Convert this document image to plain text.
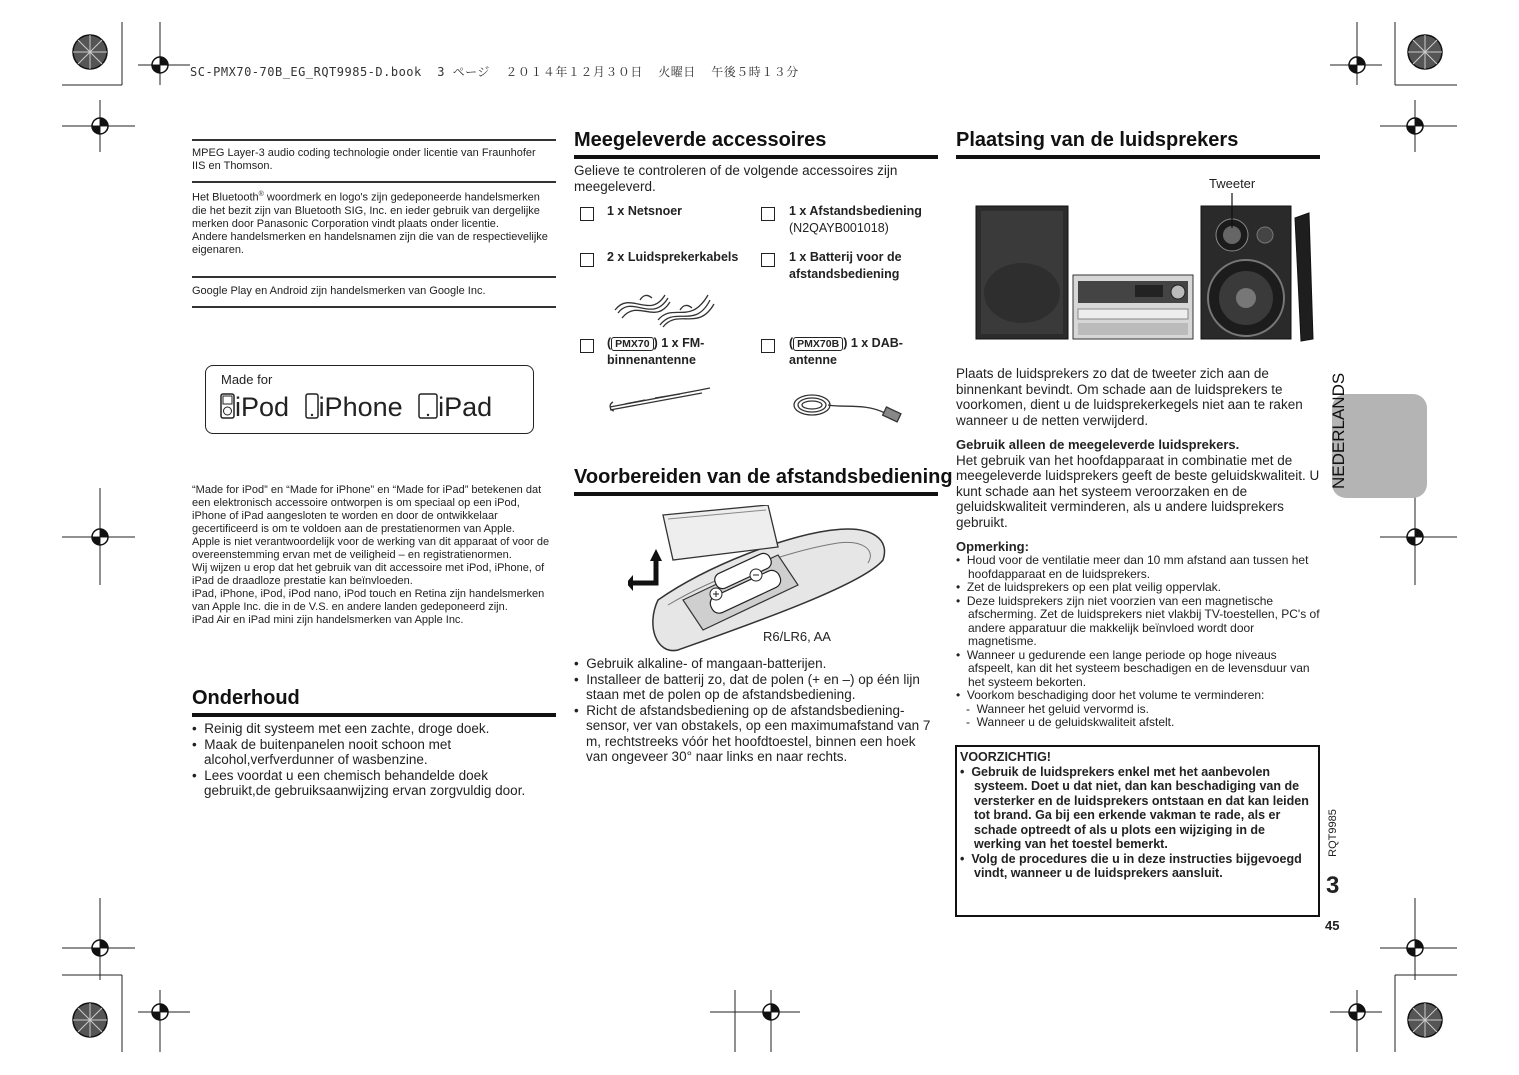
SC-PMX70-70B_EG_RQT9985-D.book  3 ページ  ２０１４年１２月３０日  火曜日  午後５時１３分
MPEG Layer-3 audio coding technologie onder licentie van Fraunhofer IIS en Thomson.
Het Bluetooth® woordmerk en logo's zijn gedeponeerde handelsmerken die het bezit zijn van Bluetooth SIG, Inc. en ieder gebruik van dergelijke merken door Panasonic Corporation vindt plaats onder licentie.
Andere handelsmerken en handelsnamen zijn die van de respectievelijke eigenaren.
Google Play en Android zijn handelsmerken van Google Inc.
Made for
iPod iPhone iPad
“Made for iPod” en “Made for iPhone” en “Made for iPad” betekenen dat een elektronisch accessoire ontworpen is om speciaal op een iPod, iPhone of iPad aangesloten te worden en door de ontwikkelaar gecertificeerd is om te voldoen aan de prestatienormen van Apple.
Apple is niet verantwoordelijk voor de werking van dit apparaat of voor de overeenstemming ervan met de veiligheid – en registratienormen.
Wij wijzen u erop dat het gebruik van dit accessoire met iPod, iPhone, of iPad de draadloze prestatie kan beïnvloeden.
iPad, iPhone, iPod, iPod nano, iPod touch en Retina zijn handelsmerken van Apple Inc. die in de V.S. en andere landen gedeponeerd zijn.
iPad Air en iPad mini zijn handelsmerken van Apple Inc.
Onderhoud

•  Reinig dit systeem met een zachte, droge doek.

•  Maak de buitenpanelen nooit schoon met alcohol,verfverdunner of wasbenzine.

•  Lees voordat u een chemisch behandelde doek gebruikt,de gebruiksaanwijzing ervan zorgvuldig door.

Meegeleverde accessoires
Gelieve te controleren of de volgende accessoires zijn meegeleverd.
1 x Netsnoer	1 x Afstandsbediening
(N2QAYB001018)
2 x Luidsprekerkabels	1 x Batterij voor de
afstandsbediening
( PMX70 ) 1 x FM-
binnenantenne
( PMX70B ) 1 x DAB-
antenne
Voorbereiden van de afstandsbediening
R6/LR6, AA

•  Gebruik alkaline- of mangaan-batterijen.

•  Installeer de batterij zo, dat de polen (+ en –) op één lijn staan met de polen op de afstandsbediening.

•  Richt de afstandsbediening op de afstandsbediening-sensor, ver van obstakels, op een maximumafstand van 7 m, rechtstreeks vóór het hoofdtoestel, binnen een hoek van ongeveer 30° naar links en naar rechts.

Plaatsing van de luidsprekers
Tweeter
Plaats de luidsprekers zo dat de tweeter zich aan de binnenkant bevindt. Om schade aan de luidsprekers te voorkomen, dient u de luidsprekerkegels niet aan te raken wanneer u de netten verwijderd.
Gebruik alleen de meegeleverde luidsprekers.
Het gebruik van het hoofdapparaat in combinatie met de meegeleverde luidsprekers geeft de beste geluidskwaliteit. U kunt schade aan het systeem veroorzaken en de geluidskwaliteit verminderen, als u andere luidsprekers gebruikt.
Opmerking:

•  Houd voor de ventilatie meer dan 10 mm afstand aan tussen het hoofdapparaat en de luidsprekers.

•  Zet de luidsprekers op een plat veilig oppervlak.

•  Deze luidsprekers zijn niet voorzien van een magnetische afscherming. Zet de luidsprekers niet vlakbij TV-toestellen, PC's of andere apparatuur die makkelijk beïnvloed wordt door magnetisme.

•  Wanneer u gedurende een lange periode op hoge niveaus afspeelt, kan dit het systeem beschadigen en de levensduur van het systeem bekorten.

•  Voorkom beschadiging door het volume te verminderen:

-  Wanneer het geluid vervormd is.

-  Wanneer u de geluidskwaliteit afstelt.

VOORZICHTIG!

•  Gebruik de luidsprekers enkel met het aanbevolen systeem. Doet u dat niet, dan kan beschadiging van de versterker en de luidsprekers ontstaan en dat kan leiden tot brand. Ga bij een erkende vakman te rade, als er schade optreedt of als u plots een wijziging in de werking van het toestel bemerkt.

•  Volg de procedures die u in deze instructies bijgevoegd vindt, wanneer u de luidsprekers aansluit.

NEDERLANDS
RQT9985
3
45
